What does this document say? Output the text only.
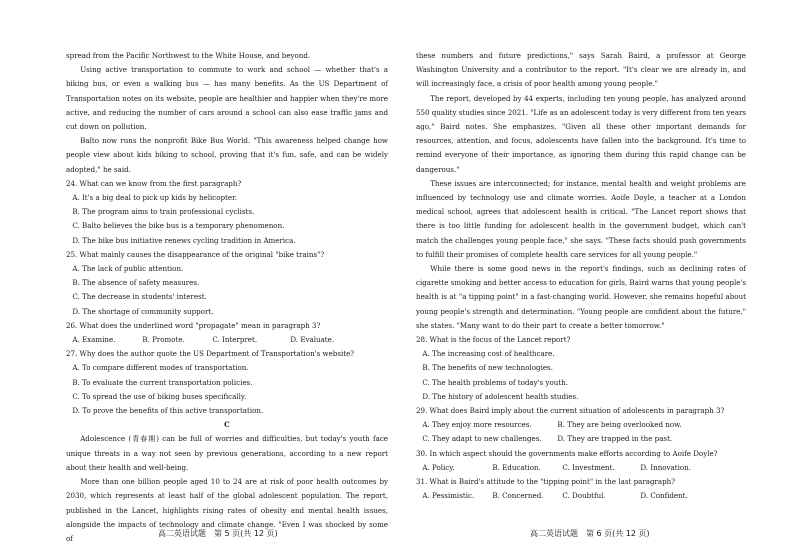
spread from the Pacific Northwest to the White House, and beyond.

Using active transportation to commute to work and school — whether that's a biking bus, or even a walking bus — has many benefits. As the US Department of Transportation notes on its website, people are healthier and happier when they're more active, and reducing the number of cars around a school can also ease traffic jams and cut down on pollution.

Balto now runs the nonprofit Bike Bus World. "This awareness helped change how people view about kids biking to school, proving that it's fun, safe, and can be widely adopted," he said.

24. What can we know from the first paragraph?

A. It's a big deal to pick up kids by helicopter.

B. The program aims to train professional cyclists.

C. Balto believes the bike bus is a temporary phenomenon.

D. The bike bus initiative renews cycling tradition in America.

25. What mainly causes the disappearance of the original "bike trains"?

A. The lack of public attention.

B. The absence of safety measures.

C. The decrease in students' interest.

D. The shortage of community support.

26. What does the underlined word "propagate" mean in paragraph 3?

A. Examine.	B. Promote.	C. Interpret.	D. Evaluate.

27. Why does the author quote the US Department of Transportation's website?

A. To compare different modes of transportation.

B. To evaluate the current transportation policies.

C. To spread the use of biking buses specifically.

D. To prove the benefits of this active transportation.

C

Adolescence (青春期) can be full of worries and difficulties, but today's youth face unique threats in a way not seen by previous generations, according to a new report about their health and well-being.

More than one billion people aged 10 to 24 are at risk of poor health outcomes by 2030, which represents at least half of the global adolescent population. The report, published in the Lancet, highlights rising rates of obesity and mental health issues, alongside the impacts of technology and climate change. "Even I was shocked by some of

高二英语试题　第 5 页(共 12 页)

these numbers and future predictions," says Sarah Baird, a professor at George Washington University and a contributor to the report. "It's clear we are already in, and will increasingly face, a crisis of poor health among young people."

The report, developed by 44 experts, including ten young people, has analyzed around 550 quality studies since 2021. "Life as an adolescent today is very different from ten years ago," Baird notes. She emphasizes, "Given all these other important demands for resources, attention, and focus, adolescents have fallen into the background. It's time to remind everyone of their importance, as ignoring them during this rapid change can be dangerous."

These issues are interconnected; for instance, mental health and weight problems are influenced by technology use and climate worries. Aoife Doyle, a teacher at a London medical school, agrees that adolescent health is critical. "The Lancet report shows that there is too little funding for adolescent health in the government budget, which can't match the challenges young people face," she says. "These facts should push governments to fulfill their promises of complete health care services for all young people."

While there is some good news in the report's findings, such as declining rates of cigarette smoking and better access to education for girls, Baird warns that young people's health is at "a tipping point" in a fast-changing world. However, she remains hopeful about young people's strength and determination. "Young people are confident about the future," she states. "Many want to do their part to create a better tomorrow."

28. What is the focus of the Lancet report?

A. The increasing cost of healthcare.

B. The benefits of new technologies.

C. The health problems of today's youth.

D. The history of adolescent health studies.

29. What does Baird imply about the current situation of adolescents in paragraph 3?

A. They enjoy more resources.	B. They are being overlooked now.
C. They adapt to new challenges.	D. They are trapped in the past.

30. In which aspect should the governments make efforts according to Aoife Doyle?

A. Policy.	B. Education.	C. Investment.	D. Innovation.

31. What is Baird's attitude to the "tipping point" in the last paragraph?

A. Pessimistic.	B. Concerned.	C. Doubtful.	D. Confident.
高二英语试题　第 6 页(共 12 页)
